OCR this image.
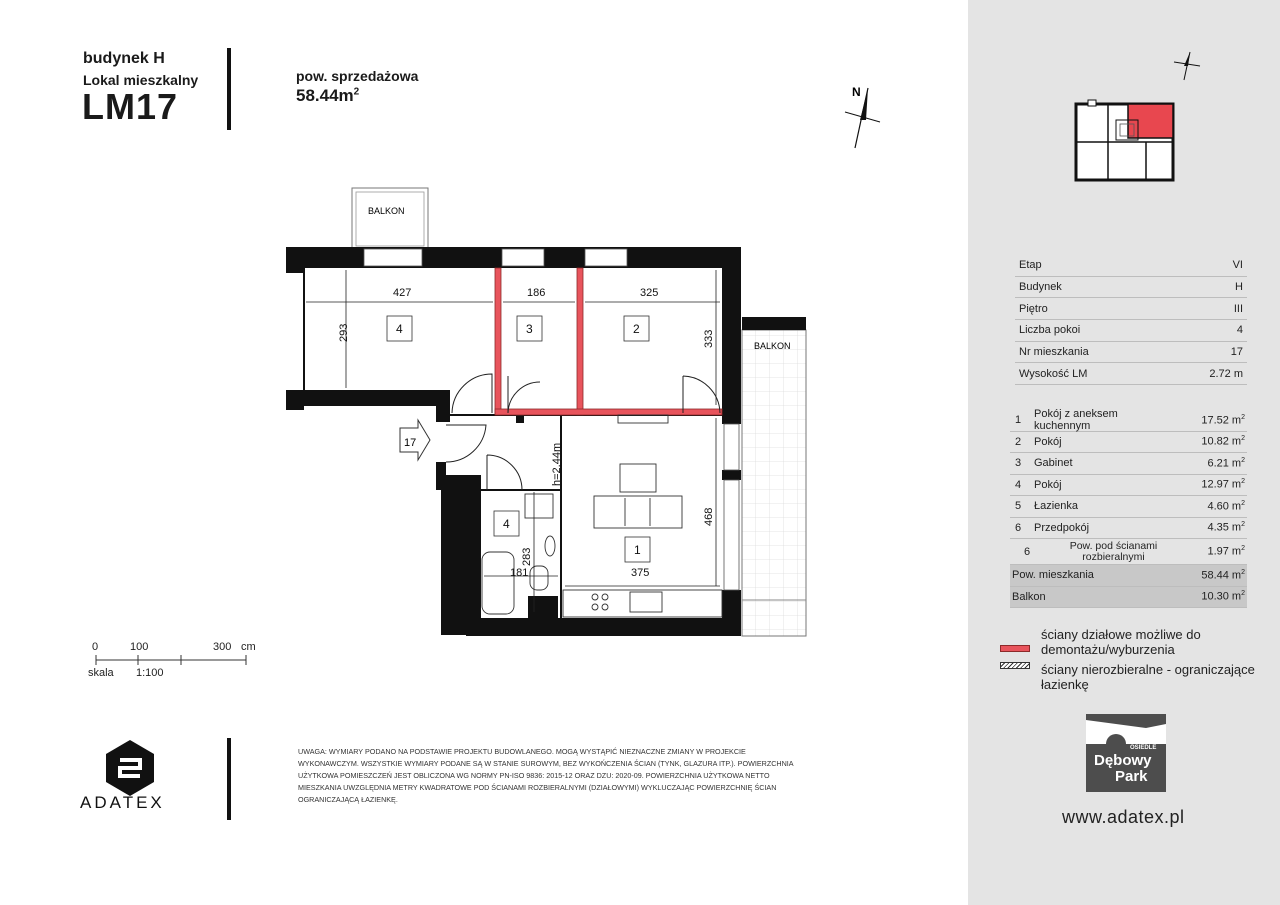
budynek H
Lokal mieszkalny
LM17
pow. sprzedażowa
$58.44m^2$	N
BALKON
BALKON
427	186	325
293	333
375
468
283
181
h=2.44m
4	3	2
1
4
17
0	100	300 cm
skala 1:100
ADATEX
UWAGA: WYMIARY PODANO NA PODSTAWIE PROJEKTU BUDOWLANEGO. MOGĄ WYSTĄPIĆ NIEZNACZNE ZMIANY W PROJEKCIE WYKONAWCZYM. WSZYSTKIE WYMIARY PODANE SĄ W STANIE SUROWYM, BEZ WYKOŃCZENIA ŚCIAN (TYNK, GLAZURA ITP.). POWIERZCHNIA UŻYTKOWA POMIESZCZEŃ JEST OBLICZONA WG NORMY PN-ISO 9836: 2015-12 ORAZ DZU: 2020-09. POWIERZCHNIA UŻYTKOWA NETTO MIESZKANIA UWZGLĘDNIA METRY KWADRATOWE POD ŚCIANAMI ROZBIERALNYMI (DZIAŁOWYMI) WYKLUCZAJĄC POWIERZCHNIĘ ŚCIAN OGRANICZAJĄCĄ ŁAZIENKĘ.
Etap	VI
Budynek	H
Piętro	III
Liczba pokoi	4
Nr mieszkania	17
Wysokość LM	2.72 m
1	Pokój z aneksem kuchennym	17.52 $m^2$
2	Pokój	10.82 $m^2$
3	Gabinet	6.21 $m^2$
4	Pokój	12.97 $m^2$
5	Łazienka	4.60 $m^2$
6	Przedpokój	4.35 $m^2$
6	Pow. pod ścianami rozbieralnymi	1.97 $m^2$
Pow. mieszkania	58.44 $m^2$
Balkon	10.30 $m^2$
ściany działowe możliwe do demontażu/wyburzenia
ściany nierozbieralne - ograniczające łazienkę
OSIEDLE
Dębowy
Park
www.adatex.pl
